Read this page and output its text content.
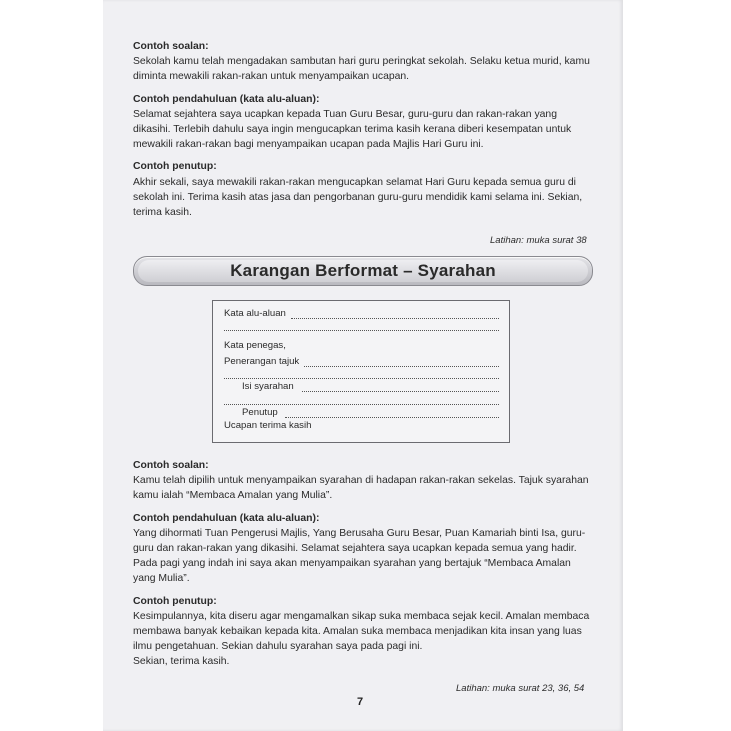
Contoh soalan:

Sekolah kamu telah mengadakan sambutan hari guru peringkat sekolah. Selaku ketua murid, kamu diminta mewakili rakan-rakan untuk menyampaikan ucapan.

Contoh pendahuluan (kata alu-aluan):

Selamat sejahtera saya ucapkan kepada Tuan Guru Besar, guru-guru dan rakan-rakan yang dikasihi. Terlebih dahulu saya ingin mengucapkan terima kasih kerana diberi kesempatan untuk mewakili rakan-rakan bagi menyampaikan ucapan pada Majlis Hari Guru ini.

Contoh penutup:

Akhir sekali, saya mewakili rakan-rakan mengucapkan selamat Hari Guru kepada semua guru di sekolah ini. Terima kasih atas jasa dan pengorbanan guru-guru mendidik kami selama ini. Sekian, terima kasih.

Latihan: muka surat 38
Karangan Berformat – Syarahan
Kata alu-aluan
Kata penegas,
Penerangan tajuk
Isi syarahan
Penutup
Ucapan terima kasih

Contoh soalan:

Kamu telah dipilih untuk menyampaikan syarahan di hadapan rakan-rakan sekelas. Tajuk syarahan kamu ialah “Membaca Amalan yang Mulia”.

Contoh pendahuluan (kata alu-aluan):

Yang dihormati Tuan Pengerusi Majlis, Yang Berusaha Guru Besar, Puan Kamariah binti Isa, guru-guru dan rakan-rakan yang dikasihi. Selamat sejahtera saya ucapkan kepada semua yang hadir. Pada pagi yang indah ini saya akan menyampaikan syarahan yang bertajuk “Membaca Amalan yang Mulia”.

Contoh penutup:

Kesimpulannya, kita diseru agar mengamalkan sikap suka membaca sejak kecil. Amalan membaca membawa banyak kebaikan kepada kita. Amalan suka membaca menjadikan kita insan yang luas ilmu pengetahuan. Sekian dahulu syarahan saya pada pagi ini.

Sekian, terima kasih.

Latihan: muka surat 23, 36, 54
7
